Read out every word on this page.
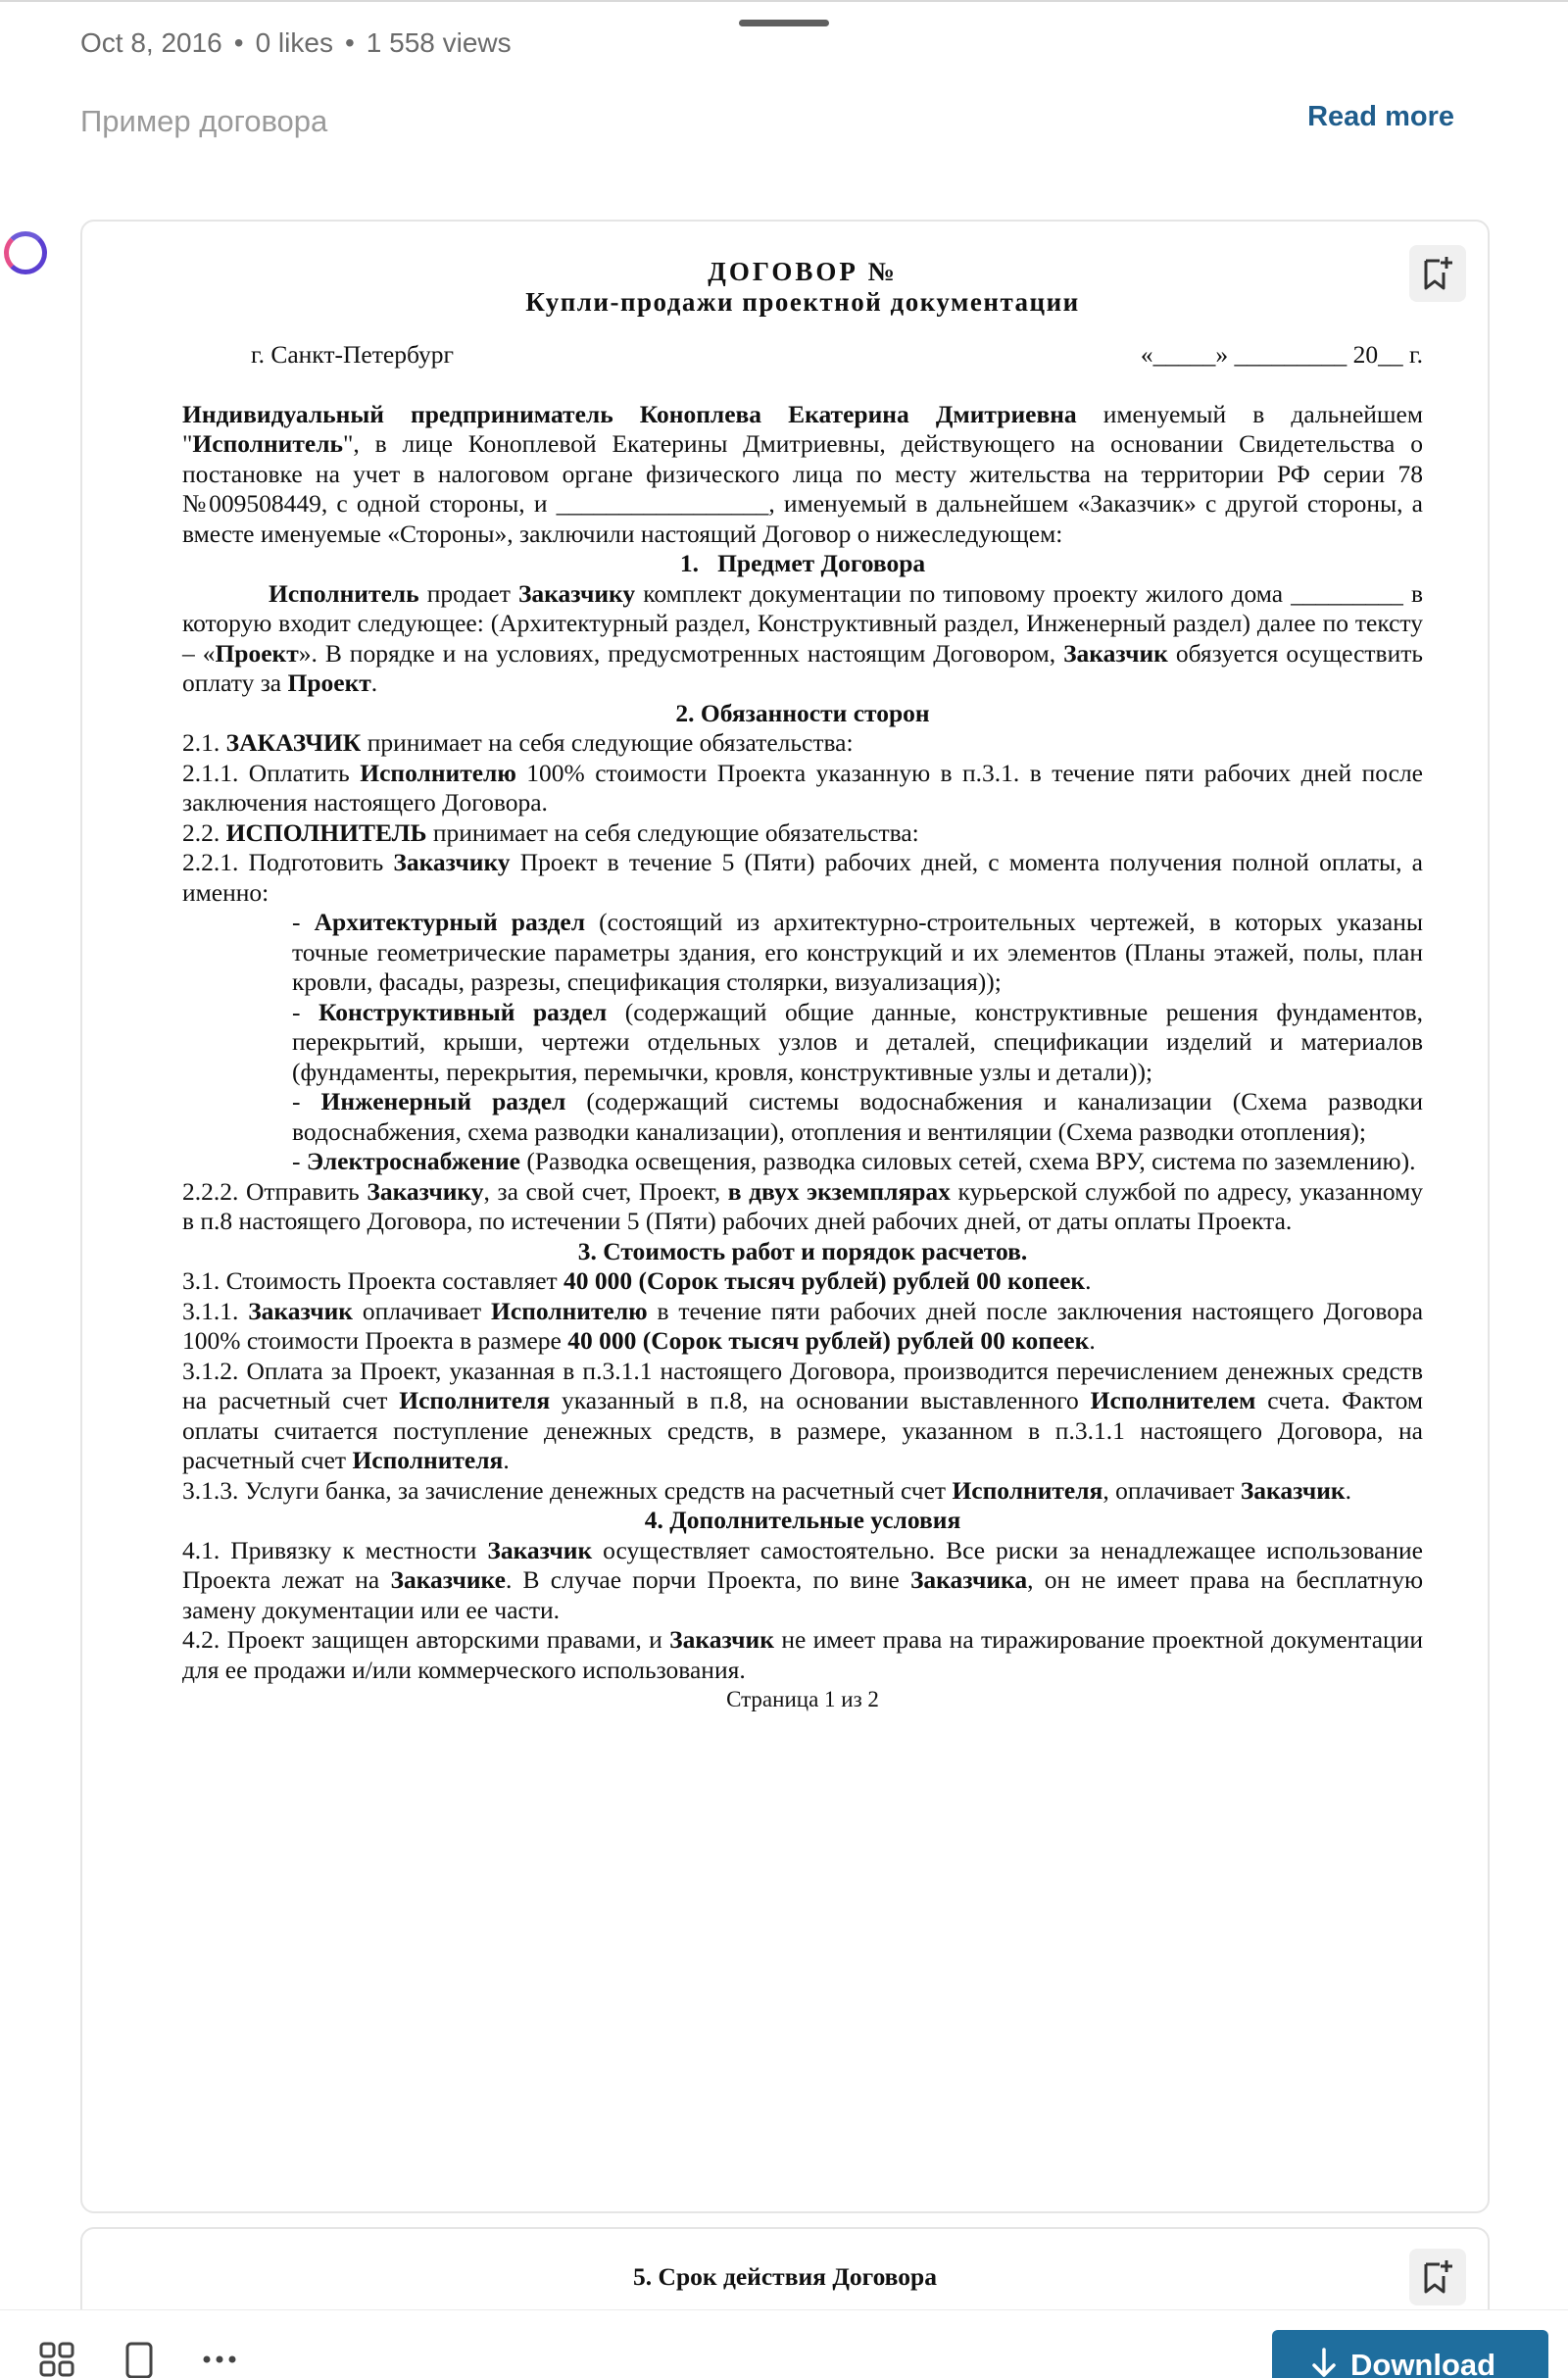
Oct 8, 2016 • 0 likes • 1 558 views
Пример договора	Read more
ДОГОВОР №
Купли-продажи проектной документации
г. Санкт-Петербург	«_____» _________ 20__ г.

Индивидуальный предприниматель Коноплева Екатерина Дмитриевна именуемый в дальнейшем "Исполнитель", в лице Коноплевой Екатерины Дмитриевны, действующего на основании Свидетельства о постановке на учет в налоговом органе физического лица по месту жительства на территории РФ серии 78 №009508449, с одной стороны, и _________________, именуемый в дальнейшем «Заказчик» с другой стороны, а вместе именуемые «Стороны», заключили настоящий Договор о нижеследующем:

1.   Предмет Договора

Исполнитель продает Заказчику комплект документации по типовому проекту жилого дома _________ в которую входит следующее: (Архитектурный раздел, Конструктивный раздел, Инженерный раздел) далее по тексту – «Проект». В порядке и на условиях, предусмотренных настоящим Договором, Заказчик обязуется осуществить оплату за Проект.

2. Обязанности сторон

2.1. ЗАКАЗЧИК принимает на себя следующие обязательства:

2.1.1. Оплатить Исполнителю 100% стоимости Проекта указанную в п.3.1. в течение пяти рабочих дней после заключения настоящего Договора.

2.2. ИСПОЛНИТЕЛЬ принимает на себя следующие обязательства:

2.2.1. Подготовить Заказчику Проект в течение 5 (Пяти) рабочих дней, с момента получения полной оплаты, а именно:

- Архитектурный раздел (состоящий из архитектурно-строительных чертежей, в которых указаны точные геометрические параметры здания, его конструкций и их элементов (Планы этажей, полы, план кровли, фасады, разрезы, спецификация столярки, визуализация));

- Конструктивный раздел (содержащий общие данные, конструктивные решения фундаментов, перекрытий, крыши, чертежи отдельных узлов и деталей, спецификации изделий и материалов (фундаменты, перекрытия, перемычки, кровля, конструктивные узлы и детали));

- Инженерный раздел (содержащий системы водоснабжения и канализации (Схема разводки водоснабжения, схема разводки канализации), отопления и вентиляции (Схема разводки отопления);

- Электроснабжение (Разводка освещения, разводка силовых сетей, схема ВРУ, система по заземлению).

2.2.2. Отправить Заказчику, за свой счет, Проект, в двух экземплярах курьерской службой по адресу, указанному в п.8 настоящего Договора, по истечении 5 (Пяти) рабочих дней рабочих дней, от даты оплаты Проекта.

3. Стоимость работ и порядок расчетов.

3.1. Стоимость Проекта составляет 40 000 (Сорок тысяч рублей) рублей 00 копеек.

3.1.1. Заказчик оплачивает Исполнителю в течение пяти рабочих дней после заключения настоящего Договора 100% стоимости Проекта в размере 40 000 (Сорок тысяч рублей) рублей 00 копеек.

3.1.2. Оплата за Проект, указанная в п.3.1.1 настоящего Договора, производится перечислением денежных средств на расчетный счет Исполнителя указанный в п.8, на основании выставленного Исполнителем счета. Фактом оплаты считается поступление денежных средств, в размере, указанном в п.3.1.1 настоящего Договора, на расчетный счет Исполнителя.

3.1.3. Услуги банка, за зачисление денежных средств на расчетный счет Исполнителя, оплачивает Заказчик.

4. Дополнительные условия

4.1. Привязку к местности Заказчик осуществляет самостоятельно. Все риски за ненадлежащее использование Проекта лежат на Заказчике. В случае порчи Проекта, по вине Заказчика, он не имеет права на бесплатную замену документации или ее части.

4.2. Проект защищен авторскими правами, и Заказчик не имеет права на тиражирование проектной документации для ее продажи и/или коммерческого использования.

Страница 1 из 2

5. Срок действия Договора
Download
